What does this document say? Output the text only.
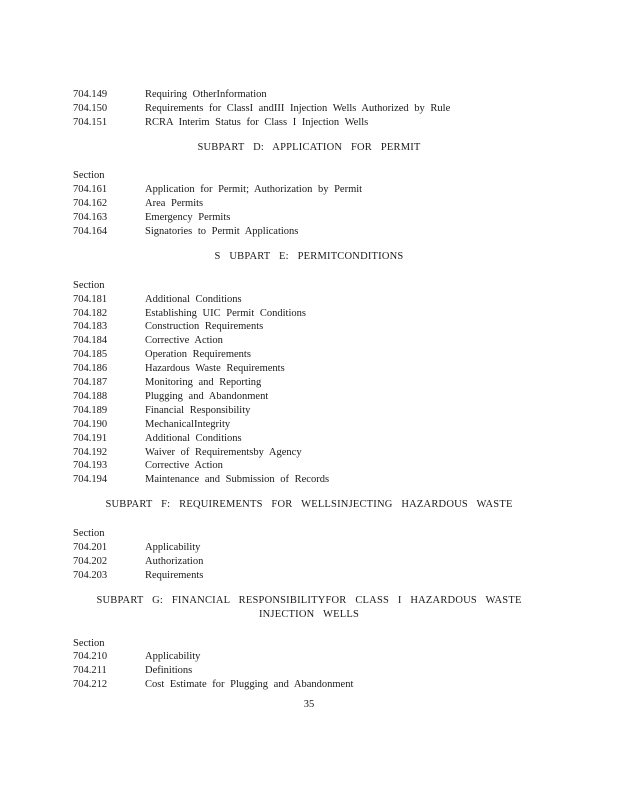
704.149	Requiring OtherInformation
704.150	Requirements for ClassI andIII Injection Wells Authorized by Rule
704.151	RCRA Interim Status for Class I Injection Wells
SUBPART D: APPLICATION FOR PERMIT
Section
704.161	Application for Permit; Authorization by Permit
704.162	Area Permits
704.163	Emergency Permits
704.164	Signatories to Permit Applications
S UBPART E: PERMITCONDITIONS
Section
704.181	Additional Conditions
704.182	Establishing UIC Permit Conditions
704.183	Construction Requirements
704.184	Corrective Action
704.185	Operation Requirements
704.186	Hazardous Waste Requirements
704.187	Monitoring and Reporting
704.188	Plugging and Abandonment
704.189	Financial Responsibility
704.190	MechanicalIntegrity
704.191	Additional Conditions
704.192	Waiver of Requirementsby Agency
704.193	Corrective Action
704.194	Maintenance and Submission of Records
SUBPART F: REQUIREMENTS FOR WELLSINJECTING HAZARDOUS WASTE
Section
704.201	Applicability
704.202	Authorization
704.203	Requirements
SUBPART G: FINANCIAL RESPONSIBILITYFOR CLASS I HAZARDOUS WASTE
INJECTION WELLS
Section
704.210	Applicability
704.211	Definitions
704.212	Cost Estimate for Plugging and Abandonment
35
